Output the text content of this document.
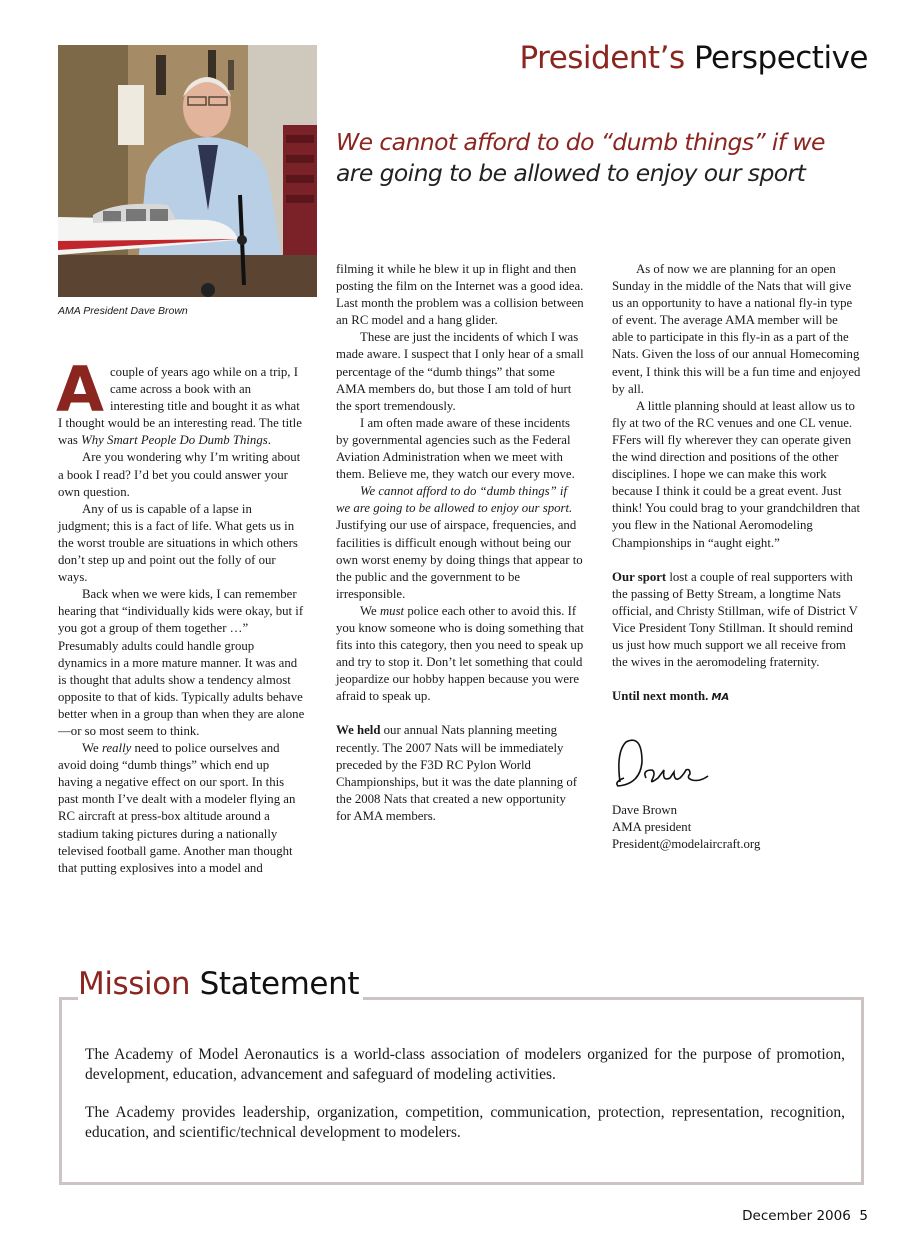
AMA President Dave Brown
President’s Perspective
We cannot afford to do “dumb things” if we
are going to be allowed to enjoy our sport

Acouple of years ago while on a trip, I came across a book with an interesting title and bought it as what I thought would be an interesting read. The title was Why Smart People Do Dumb Things.

Are you wondering why I’m writing about a book I read? I’d bet you could answer your own question.

Any of us is capable of a lapse in judgment; this is a fact of life. What gets us in the worst trouble are situations in which others don’t step up and point out the folly of our ways.

Back when we were kids, I can remember hearing that “individually kids were okay, but if you got a group of them together …” Presumably adults could handle group dynamics in a more mature manner. It was and is thought that adults show a tendency almost opposite to that of kids. Typically adults behave better when in a group than when they are alone—or so most seem to think.

We really need to police ourselves and avoid doing “dumb things” which end up having a negative effect on our sport. In this past month I’ve dealt with a modeler flying an RC aircraft at press-box altitude around a stadium taking pictures during a nationally televised football game. Another man thought that putting explosives into a model and

filming it while he blew it up in flight and then posting the film on the Internet was a good idea. Last month the problem was a collision between an RC model and a hang glider.

These are just the incidents of which I was made aware. I suspect that I only hear of a small percentage of the “dumb things” that some AMA members do, but those I am told of hurt the sport tremendously.

I am often made aware of these incidents by governmental agencies such as the Federal Aviation Administration when we meet with them. Believe me, they watch our every move.

We cannot afford to do “dumb things” if we are going to be allowed to enjoy our sport. Justifying our use of airspace, frequencies, and facilities is difficult enough without being our own worst enemy by doing things that appear to the public and the government to be irresponsible.

We must police each other to avoid this. If you know someone who is doing something that fits into this category, then you need to speak up and try to stop it. Don’t let something that could jeopardize our hobby happen because you were afraid to speak up.

We held our annual Nats planning meeting recently. The 2007 Nats will be immediately preceded by the F3D RC Pylon World Championships, but it was the date planning of the 2008 Nats that created a new opportunity for AMA members.

As of now we are planning for an open Sunday in the middle of the Nats that will give us an opportunity to have a national fly-in type of event. The average AMA member will be able to participate in this fly-in as a part of the Nats. Given the loss of our annual Homecoming event, I think this will be a fun time and enjoyed by all.

A little planning should at least allow us to fly at two of the RC venues and one CL venue. FFers will fly wherever they can operate given the wind direction and positions of the other disciplines. I hope we can make this work because I think it could be a great event. Just think! You could brag to your grandchildren that you flew in the National Aeromodeling Championships in “aught eight.”

Our sport lost a couple of real supporters with the passing of Betty Stream, a longtime Nats official, and Christy Stillman, wife of District V Vice President Tony Stillman. It should remind us just how much support we all receive from the wives in the aeromodeling fraternity.

Until next month. MA

Dave Brown
AMA president
President@modelaircraft.org
Mission Statement

The Academy of Model Aeronautics is a world-class association of modelers organized for the purpose of promotion, development, education, advancement and safeguard of modeling activities.

The Academy provides leadership, organization, competition, communication, protection, representation, recognition, education, and scientific/technical development to modelers.

December 2006 5
